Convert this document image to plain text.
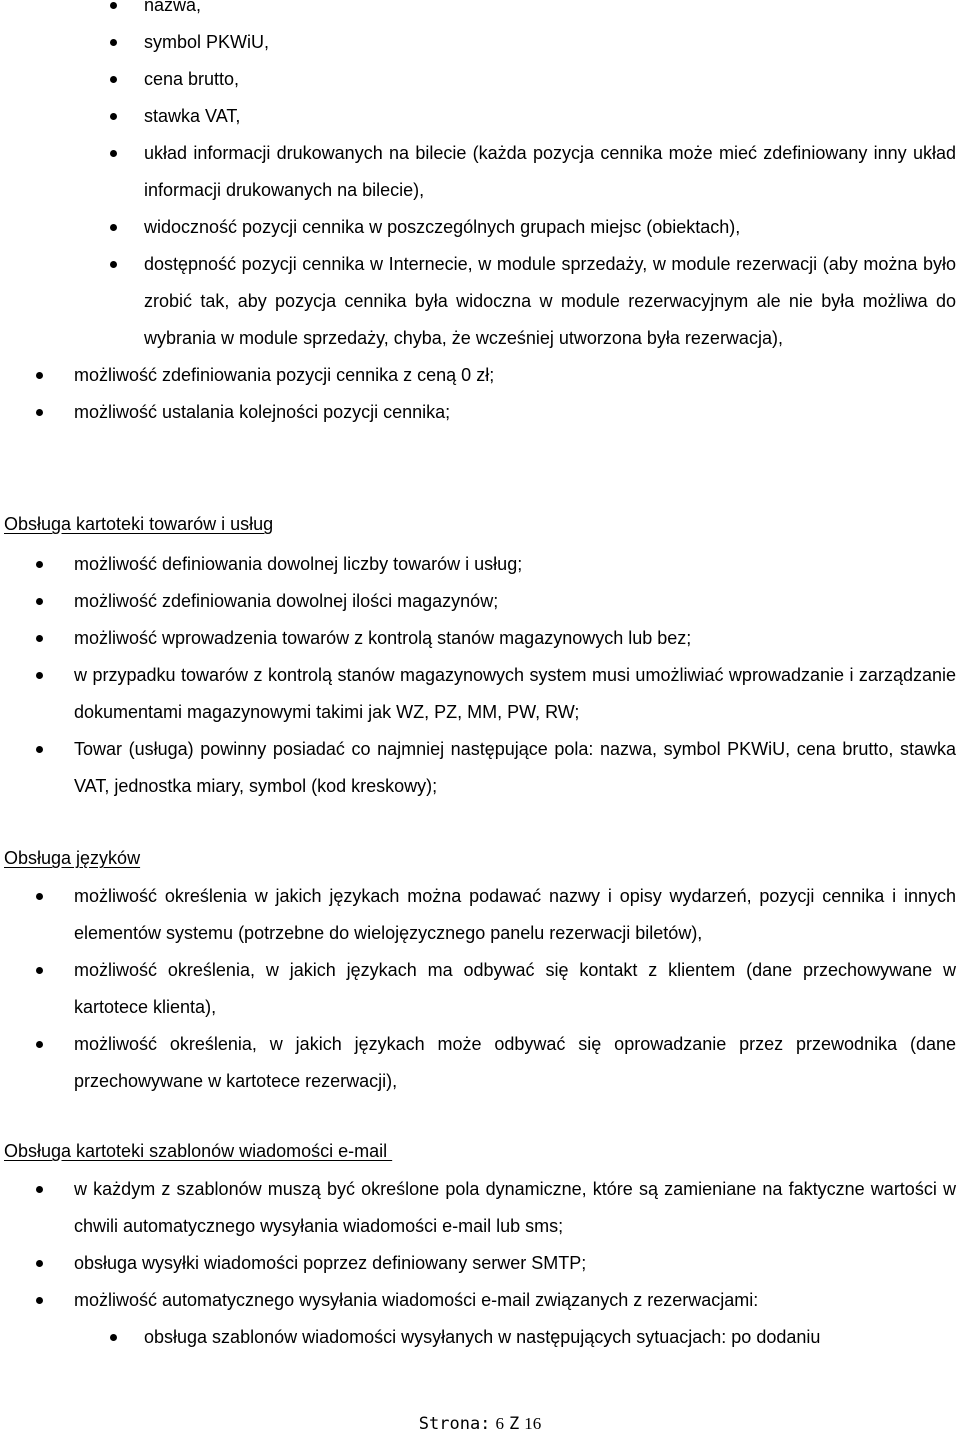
nazwa,
symbol PKWiU,
cena brutto,
stawka VAT,
układ informacji drukowanych na bilecie (każda pozycja cennika może mieć zdefiniowany inny układ informacji drukowanych na bilecie),
widoczność pozycji cennika w poszczególnych grupach miejsc (obiektach),
dostępność pozycji cennika w Internecie, w module sprzedaży, w module rezerwacji (aby można było zrobić tak, aby pozycja cennika była widoczna w module rezerwacyjnym ale nie była możliwa do wybrania w module sprzedaży, chyba, że wcześniej utworzona była rezerwacja),
możliwość zdefiniowania pozycji cennika z ceną 0 zł;
możliwość ustalania kolejności pozycji cennika;
Obsługa kartoteki towarów i usług
możliwość definiowania dowolnej liczby towarów i usług;
możliwość zdefiniowania dowolnej ilości magazynów;
możliwość wprowadzenia towarów z kontrolą stanów magazynowych lub bez;
w przypadku towarów z kontrolą stanów magazynowych system musi umożliwiać wprowadzanie i zarządzanie dokumentami magazynowymi takimi jak WZ, PZ, MM, PW, RW;
Towar (usługa) powinny posiadać co najmniej następujące pola: nazwa, symbol PKWiU, cena brutto, stawka VAT, jednostka miary, symbol (kod kreskowy);
Obsługa języków
możliwość określenia w jakich językach można podawać nazwy i opisy wydarzeń, pozycji cennika i innych elementów systemu (potrzebne do wielojęzycznego panelu rezerwacji biletów),
możliwość określenia, w jakich językach ma odbywać się kontakt z klientem (dane przechowywane w kartotece klienta),
możliwość określenia, w jakich językach może odbywać się oprowadzanie przez przewodnika (dane przechowywane w kartotece rezerwacji),
Obsługa kartoteki szablonów wiadomości e-mail
w każdym z szablonów muszą być określone pola dynamiczne, które są zamieniane na faktyczne wartości w chwili automatycznego wysyłania wiadomości e-mail lub sms;
obsługa wysyłki wiadomości poprzez definiowany serwer SMTP;
możliwość automatycznego wysyłania wiadomości e-mail związanych z rezerwacjami:
obsługa szablonów wiadomości wysyłanych w następujących sytuacjach: po dodaniu
Strona: 6 Z 16
